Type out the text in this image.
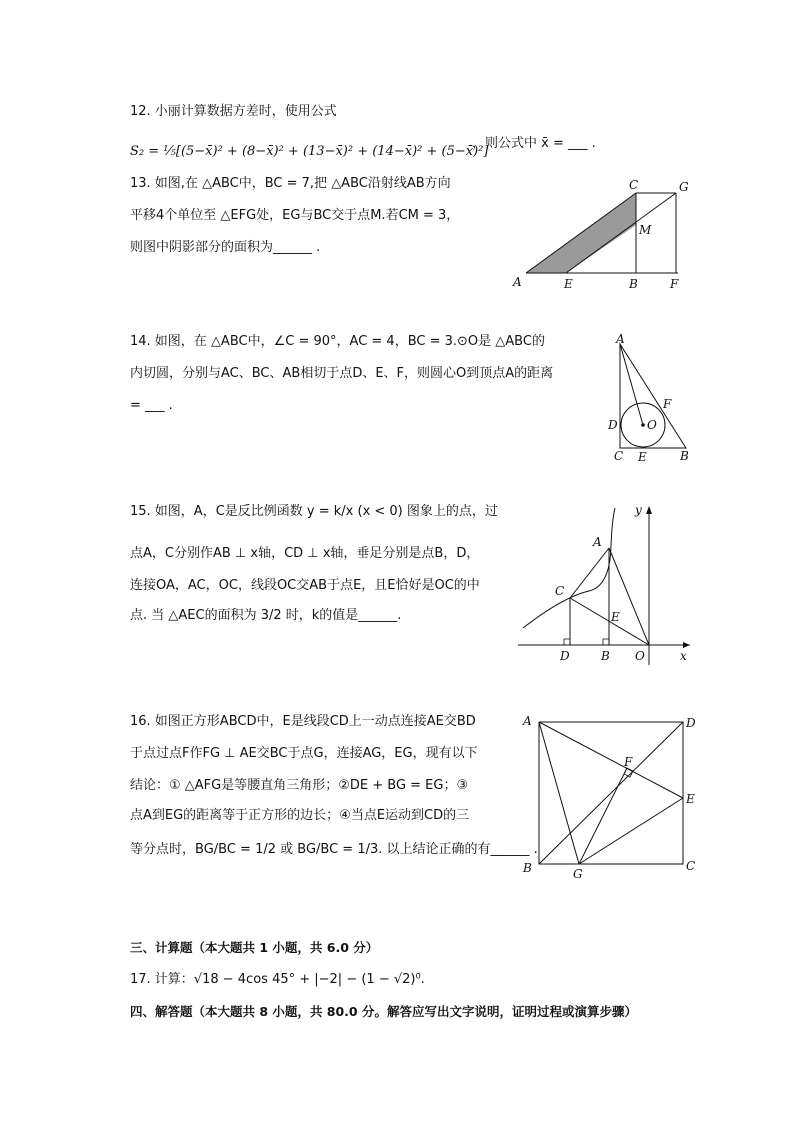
12. 小丽计算数据方差时，使用公式
S₂ = ⅕[(5−x̄)² + (8−x̄)² + (13−x̄)² + (14−x̄)² + (5−x̄)²]
，则公式中 x̄ = ___ .
13. 如图,在 △ABC中，BC = 7,把 △ABC沿射线AB方向
平移4个单位至 △EFG处，EG与BC交于点M.若CM = 3，
则图中阴影部分的面积为______ .
C	G
M
A	E	B	F
14. 如图，在 △ABC中，∠C = 90°，AC = 4，BC = 3.⊙O是 △ABC的
内切圆，分别与AC、BC、AB相切于点D、E、F，则圆心O到顶点A的距离
= ___ .
A
F
D O
C E	B
15. 如图，A，C是反比例函数 y = k/x (x < 0) 图象上的点，过
点A，C分别作AB ⊥ x轴，CD ⊥ x轴，垂足分别是点B，D，
连接OA，AC，OC，线段OC交AB于点E，且E恰好是OC的中
点. 当 △AEC的面积为 3/2 时，k的值是______.
y
A
C
E
D	B O	x
16. 如图正方形ABCD中，E是线段CD上一动点连接AE交BD
于点过点F作FG ⊥ AE交BC于点G，连接AG，EG，现有以下
结论：① △AFG是等腰直角三角形；②DE + BG = EG；③
点A到EG的距离等于正方形的边长；④当点E运动到CD的三
等分点时，BG/BC = 1/2 或 BG/BC = 1/3. 以上结论正确的有______ .
A	D
F
E
B	G
C
三、计算题（本大题共 1 小题，共 6.0 分）
17. 计算：√18 − 4cos 45° + |−2| − (1 − √2)⁰.
四、解答题（本大题共 8 小题，共 80.0 分。解答应写出文字说明，证明过程或演算步骤）
